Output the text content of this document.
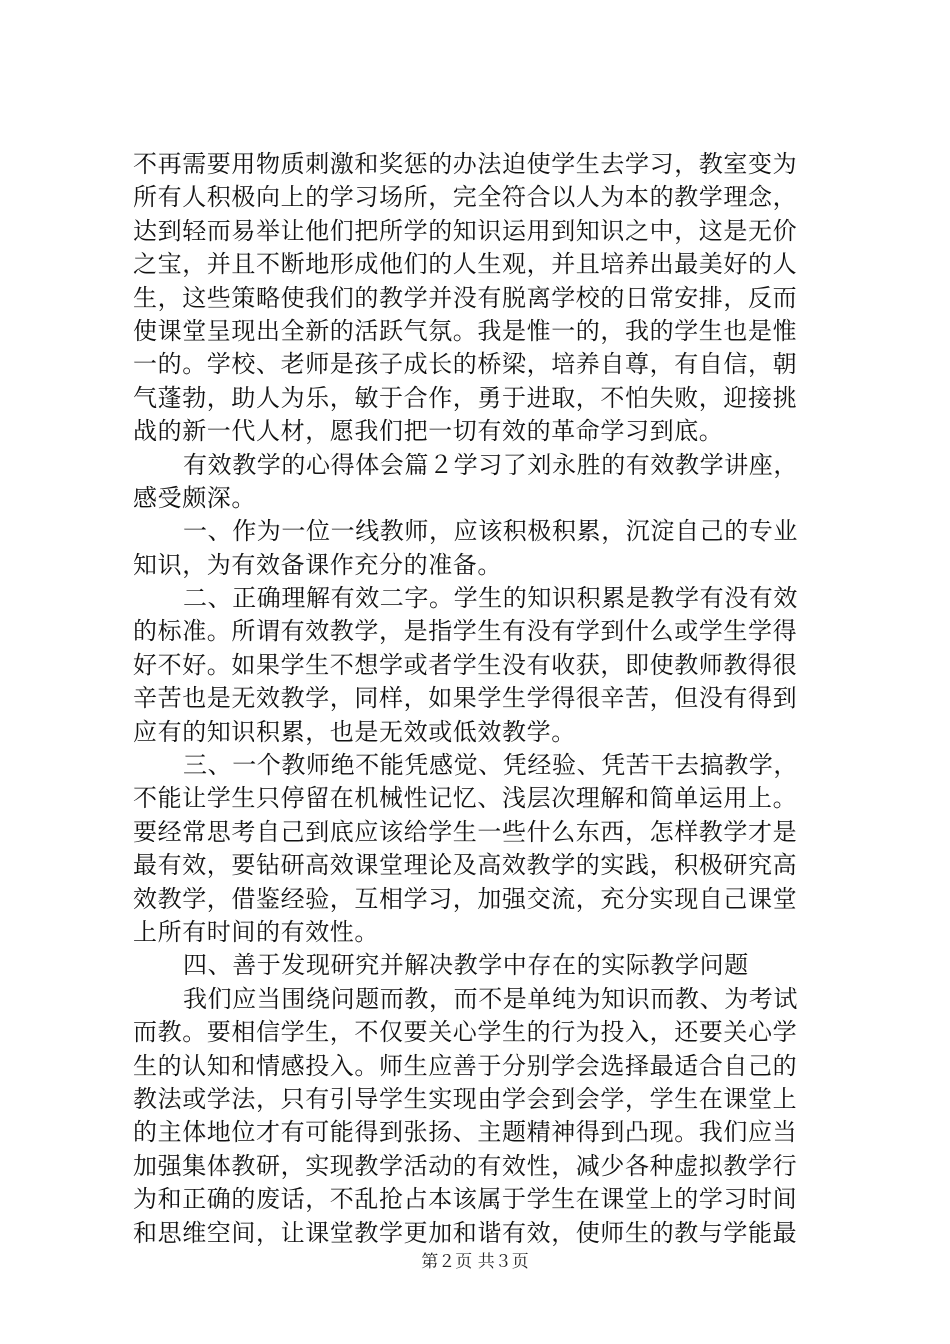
不再需要用物质刺激和奖惩的办法迫使学生去学习，教室变为
所有人积极向上的学习场所，完全符合以人为本的教学理念，
达到轻而易举让他们把所学的知识运用到知识之中，这是无价
之宝，并且不断地形成他们的人生观，并且培养出最美好的人
生，这些策略使我们的教学并没有脱离学校的日常安排，反而
使课堂呈现出全新的活跃气氛。我是惟一的，我的学生也是惟
一的。学校、老师是孩子成长的桥梁，培养自尊，有自信，朝
气蓬勃，助人为乐，敏于合作，勇于进取，不怕失败，迎接挑
战的新一代人材，愿我们把一切有效的革命学习到底。
有效教学的心得体会篇２学习了刘永胜的有效教学讲座，
感受颇深。
一、作为一位一线教师，应该积极积累，沉淀自己的专业
知识，为有效备课作充分的准备。
二、正确理解有效二字。学生的知识积累是教学有没有效
的标准。所谓有效教学，是指学生有没有学到什么或学生学得
好不好。如果学生不想学或者学生没有收获，即使教师教得很
辛苦也是无效教学，同样，如果学生学得很辛苦，但没有得到
应有的知识积累，也是无效或低效教学。
三、一个教师绝不能凭感觉、凭经验、凭苦干去搞教学，
不能让学生只停留在机械性记忆、浅层次理解和简单运用上。
要经常思考自己到底应该给学生一些什么东西，怎样教学才是
最有效，要钻研高效课堂理论及高效教学的实践，积极研究高
效教学，借鉴经验，互相学习，加强交流，充分实现自己课堂
上所有时间的有效性。
四、善于发现研究并解决教学中存在的实际教学问题
我们应当围绕问题而教，而不是单纯为知识而教、为考试
而教。要相信学生，不仅要关心学生的行为投入，还要关心学
生的认知和情感投入。师生应善于分别学会选择最适合自己的
教法或学法，只有引导学生实现由学会到会学，学生在课堂上
的主体地位才有可能得到张扬、主题精神得到凸现。我们应当
加强集体教研，实现教学活动的有效性，减少各种虚拟教学行
为和正确的废话，不乱抢占本该属于学生在课堂上的学习时间
和思维空间，让课堂教学更加和谐有效，使师生的教与学能最
第２页 共３页
